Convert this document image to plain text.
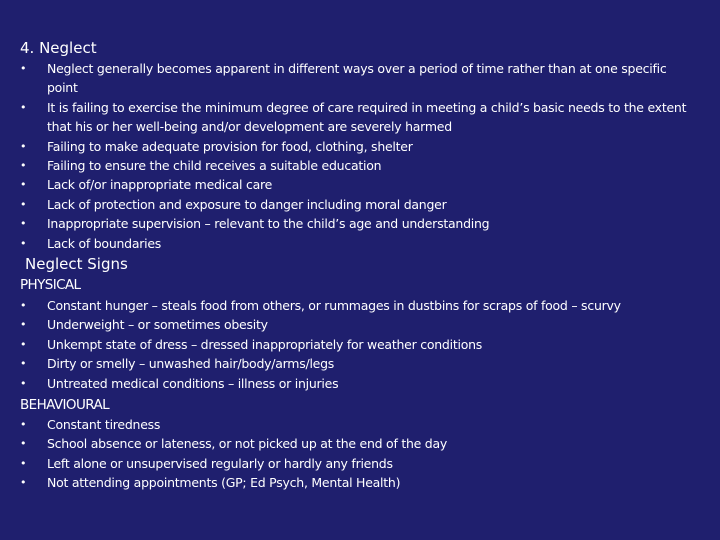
4. Neglect
• Neglect generally becomes apparent in different ways over a period of time rather than at one specific point
• It is failing to exercise the minimum degree of care required in meeting a child’s basic needs to the extent that his or her well-being and/or development are severely harmed
• Failing to make adequate provision for food, clothing, shelter
• Failing to ensure the child receives a suitable education
• Lack of/or inappropriate medical care
• Lack of protection and exposure to danger including moral danger
• Inappropriate supervision – relevant to the child’s age and understanding
• Lack of boundaries
Neglect Signs
PHYSICAL
• Constant hunger – steals food from others, or rummages in dustbins for scraps of food – scurvy
• Underweight – or sometimes obesity
• Unkempt state of dress – dressed inappropriately for weather conditions
• Dirty or smelly – unwashed hair/body/arms/legs
• Untreated medical conditions – illness or injuries
BEHAVIOURAL
• Constant tiredness
• School absence or lateness, or not picked up at the end of the day
• Left alone or unsupervised regularly or hardly any friends
• Not attending appointments (GP; Ed Psych, Mental Health)
